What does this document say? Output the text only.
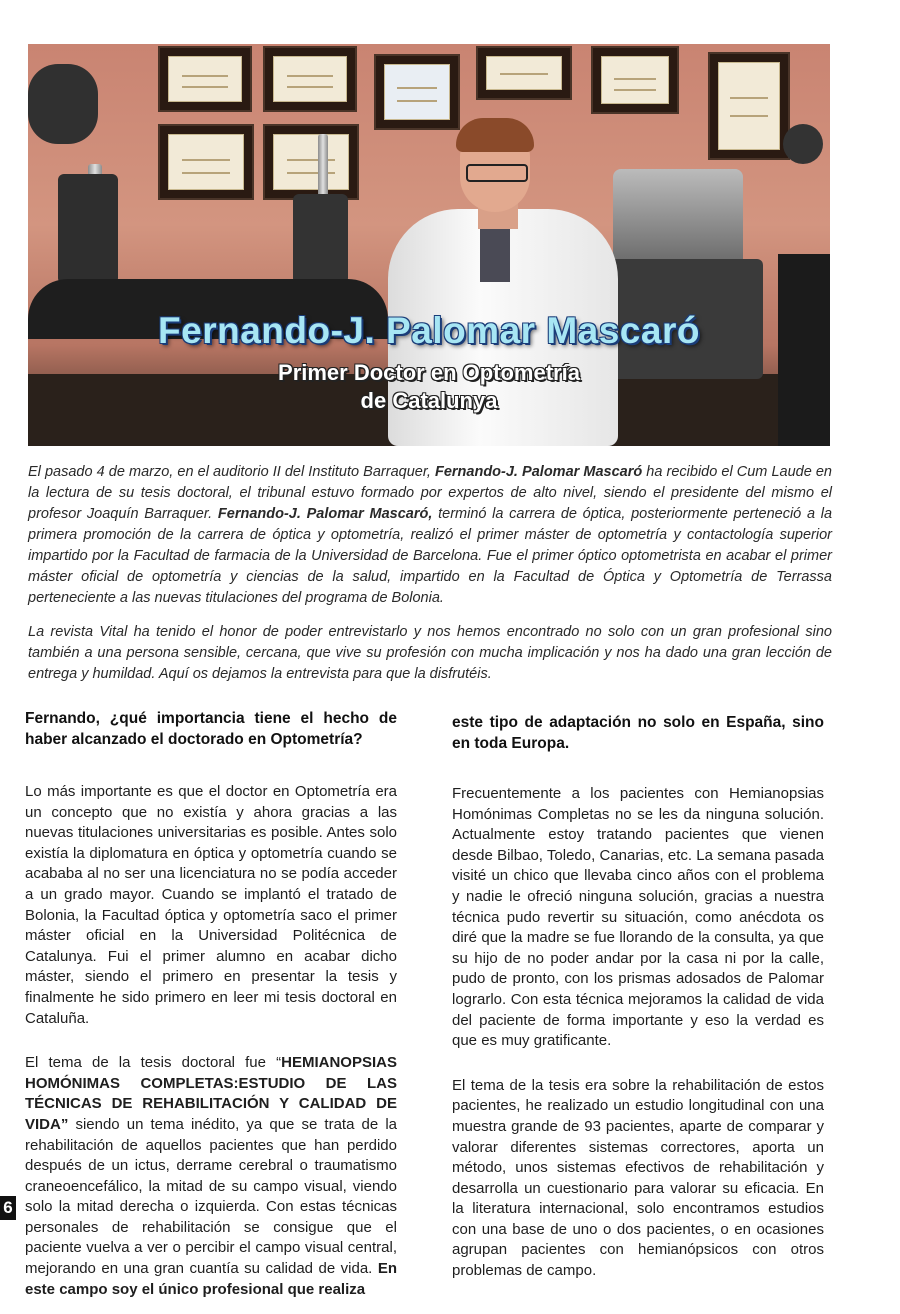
Fernando-J. Palomar Mascaró
Primer Doctor en Optometría
de Catalunya

El pasado 4 de marzo, en el auditorio II del Instituto Barraquer, Fernando-J. Palomar Mascaró ha recibido el Cum Laude en la lectura de su tesis doctoral, el tribunal estuvo formado por expertos de alto nivel, siendo el presidente del mismo el profesor Joaquín Barraquer. Fernando-J. Palomar Mascaró, terminó la carrera de óptica, posteriormente perteneció a la primera promoción de la carrera de óptica y optometría, realizó el primer máster de optometría y contactología superior impartido por la Facultad de farmacia de la Universidad de Barcelona. Fue el primer óptico optometrista en acabar el primer máster oficial de optometría y ciencias de la salud, impartido en la Facultad de Óptica y Optometría de Terrassa perteneciente a las nuevas titulaciones del programa de Bolonia.

La revista Vital ha tenido el honor de poder entrevistarlo y nos hemos encontrado no solo con un gran profesional sino también a una persona sensible, cercana, que vive su profesión con mucha implicación y nos ha dado una gran lección de entrega y humildad. Aquí os dejamos la entrevista para que la disfrutéis.

Fernando, ¿qué importancia tiene el hecho de haber alcanzado el doctorado en Optometría?

Lo más importante es que el doctor en Optometría era un concepto que no existía y ahora gracias a las nuevas titulaciones universitarias es posible. Antes solo existía la diplomatura en óptica y optometría cuando se acababa al no ser una licenciatura no se podía acceder a un grado mayor. Cuando se implantó el tratado de Bolonia, la Facultad óptica y optometría saco el primer máster oficial en la Universidad Politécnica de Catalunya. Fui el primer alumno en acabar dicho máster, siendo el primero en presentar la tesis y finalmente he sido primero en leer mi tesis doctoral en Cataluña.

El tema de la tesis doctoral fue “HEMIANOPSIAS HOMÓNIMAS COMPLETAS:ESTUDIO DE LAS TÉCNICAS DE REHABILITACIÓN Y CALIDAD DE VIDA” siendo un tema inédito, ya que se trata de la rehabilitación de aquellos pacientes que han perdido después de un ictus, derrame cerebral o traumatismo craneoencefálico, la mitad de su campo visual, viendo solo la mitad derecha o izquierda. Con estas técnicas personales de rehabilitación se consigue que el paciente vuelva a ver o percibir el campo visual central, mejorando en una gran cuantía su calidad de vida. En este campo soy el único profesional que realiza

este tipo de adaptación no solo en España, sino en toda Europa.

Frecuentemente a los pacientes con Hemianopsias Homónimas Completas no se les da ninguna solución. Actualmente estoy tratando pacientes que vienen desde Bilbao, Toledo, Canarias, etc. La semana pasada visité un chico que llevaba cinco años con el problema y nadie le ofreció ninguna solución, gracias a nuestra técnica pudo revertir su situación, como anécdota os diré que la madre se fue llorando de la consulta, ya que su hijo de no poder andar por la casa ni por la calle, pudo de pronto, con los prismas adosados de Palomar lograrlo. Con esta técnica mejoramos la calidad de vida del paciente de forma importante y eso la verdad es que es muy gratificante.

El tema de la tesis era sobre la rehabilitación de estos pacientes, he realizado un estudio longitudinal con una muestra grande de 93 pacientes, aparte de comparar y valorar diferentes sistemas correctores, aporta un método, unos sistemas efectivos de rehabilitación y desarrolla un cuestionario para valorar su eficacia. En la literatura internacional, solo encontramos estudios con una base de uno o dos pacientes, o en ocasiones agrupan pacientes con hemianópsicos con otros problemas de campo.

6
